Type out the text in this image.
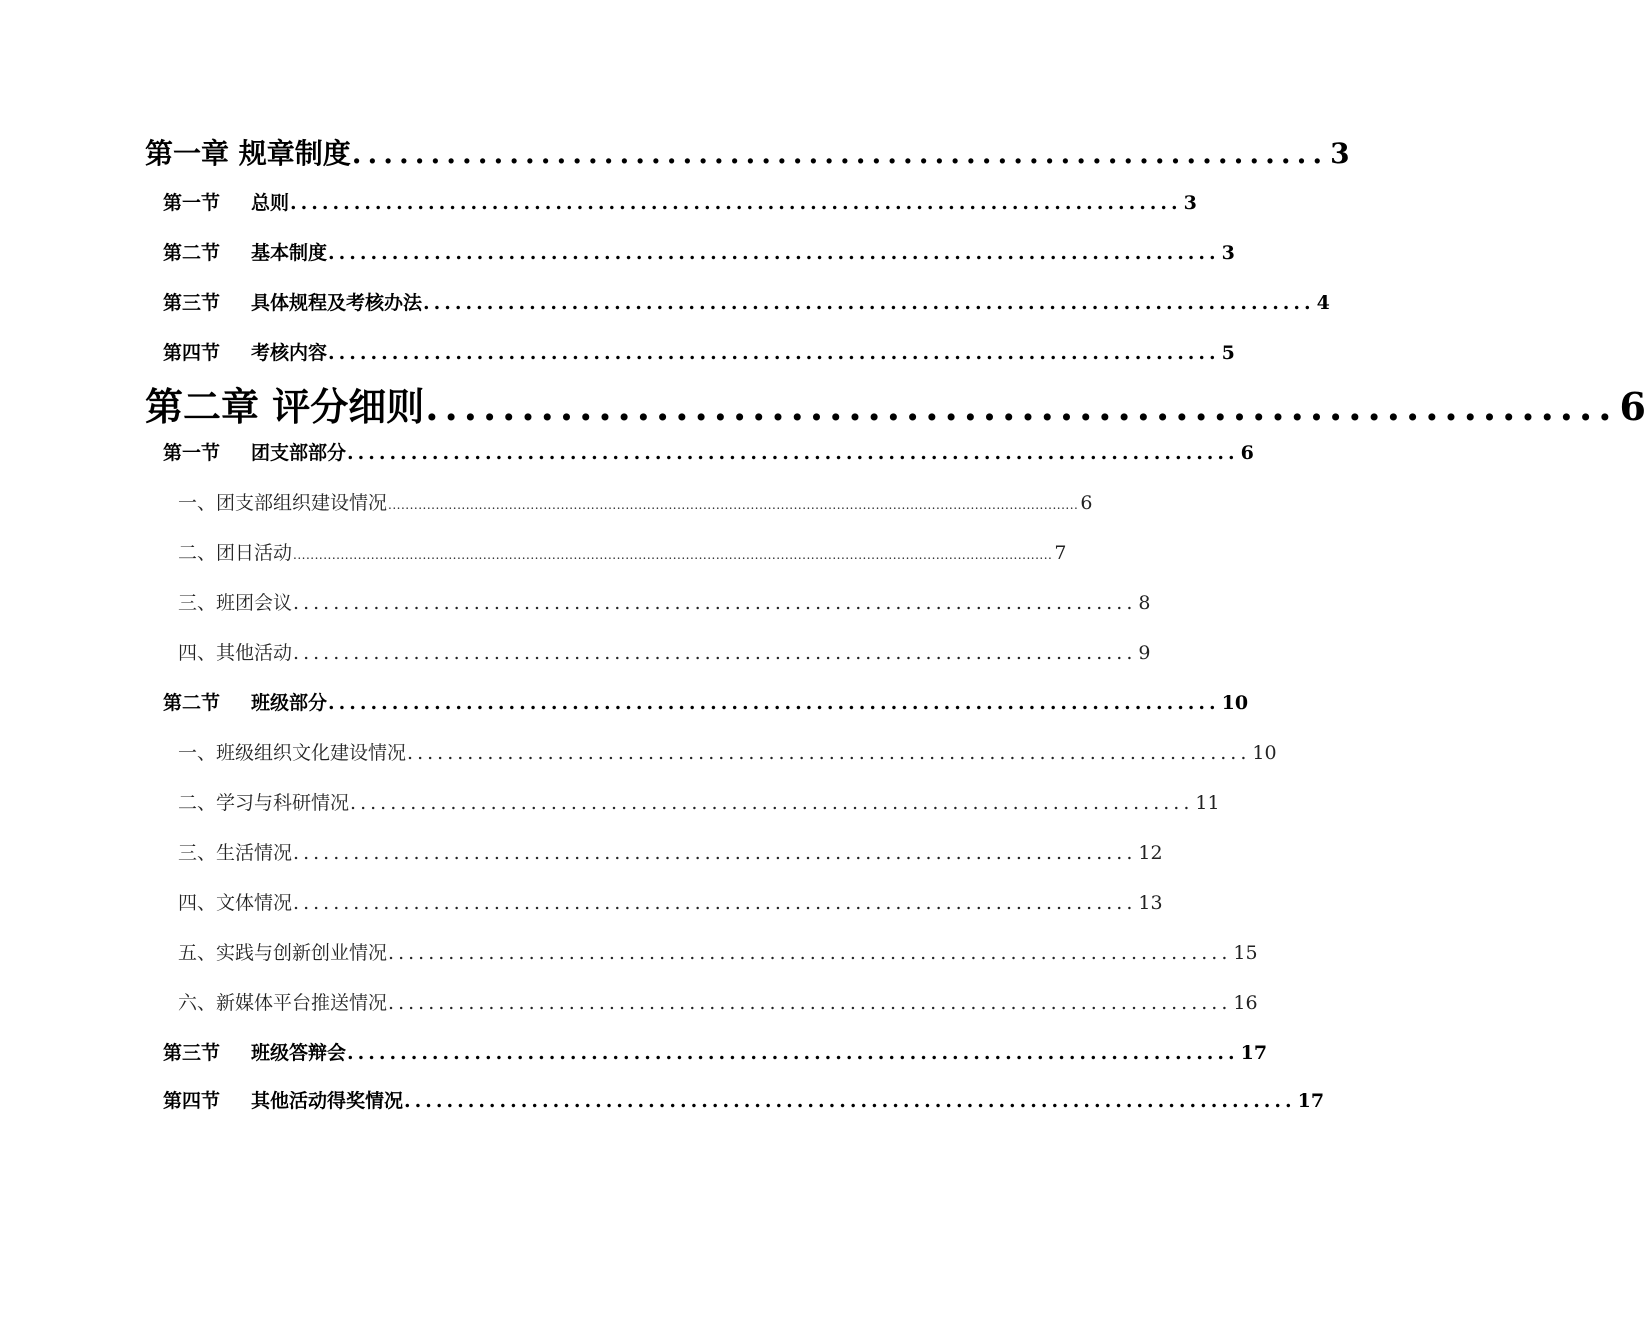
第一章 规章制度 .............................................................. 3
第一节 总则 .................................................................................... 3
第二节 基本制度 .................................................................................... 3
第三节 具体规程及考核办法 .................................................................................... 4
第四节 考核内容 .................................................................................... 5
第二章 评分细则 .............................................................. 6
第一节 团支部部分 .................................................................................... 6
一、团支部组织建设情况 ................................................................................................................................................................ 6
二、团日活动 ................................................................................................................................................................................ 7
三、班团会议 .................................................................................... 8
四、其他活动 .................................................................................... 9
第二节 班级部分 .................................................................................... 10
一、班级组织文化建设情况 .................................................................................... 10
二、学习与科研情况 .................................................................................... 11
三、生活情况 .................................................................................... 12
四、文体情况 .................................................................................... 13
五、实践与创新创业情况 .................................................................................... 15
六、新媒体平台推送情况 .................................................................................... 16
第三节 班级答辩会 .................................................................................... 17
第四节 其他活动得奖情况 .................................................................................... 17
